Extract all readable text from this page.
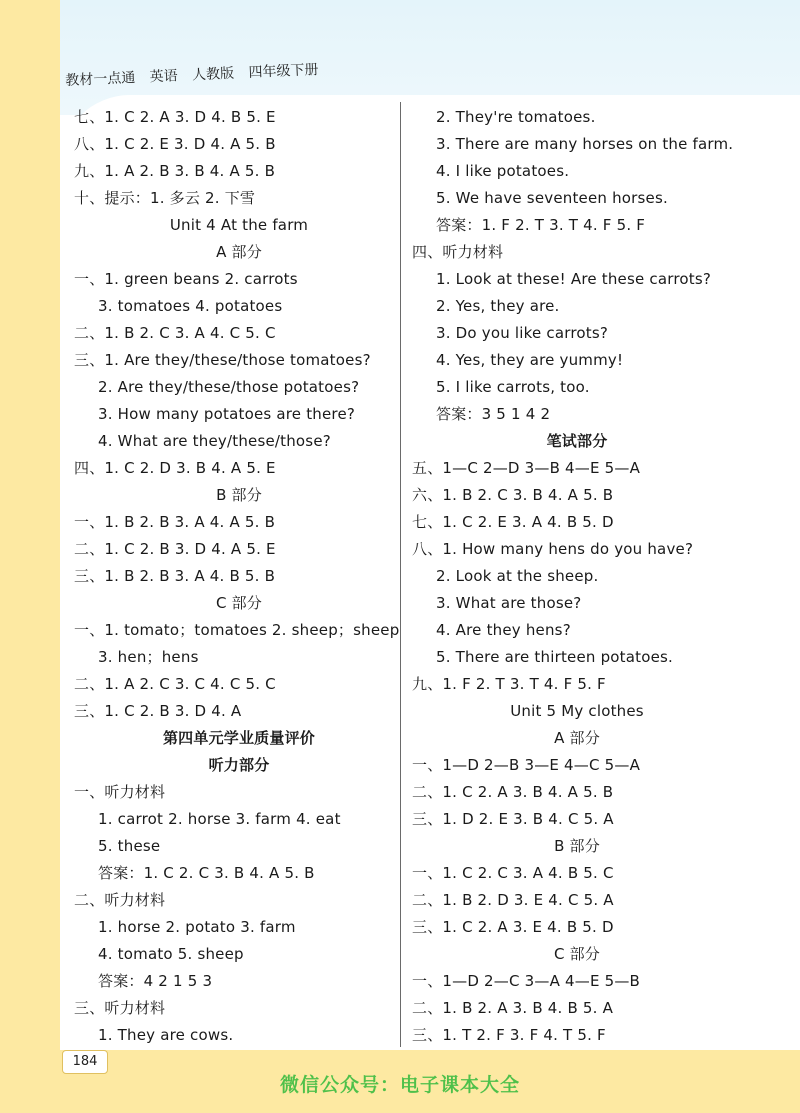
教材一点通 英语 人教版 四年级下册
七、1. C 2. A 3. D 4. B 5. E
八、1. C 2. E 3. D 4. A 5. B
九、1. A 2. B 3. B 4. A 5. B
十、提示：1. 多云 2. 下雪
Unit 4 At the farm
A 部分
一、1. green beans 2. carrots
3. tomatoes 4. potatoes
二、1. B 2. C 3. A 4. C 5. C
三、1. Are they/these/those tomatoes?
2. Are they/these/those potatoes?
3. How many potatoes are there?
4. What are they/these/those?
四、1. C 2. D 3. B 4. A 5. E
B 部分
一、1. B 2. B 3. A 4. A 5. B
二、1. C 2. B 3. D 4. A 5. E
三、1. B 2. B 3. A 4. B 5. B
C 部分
一、1. tomato；tomatoes 2. sheep；sheep
3. hen；hens
二、1. A 2. C 3. C 4. C 5. C
三、1. C 2. B 3. D 4. A
第四单元学业质量评价
听力部分
一、听力材料
1. carrot 2. horse 3. farm 4. eat
5. these
答案：1. C 2. C 3. B 4. A 5. B
二、听力材料
1. horse 2. potato 3. farm
4. tomato 5. sheep
答案：4 2 1 5 3
三、听力材料
1. They are cows.
2. They're tomatoes.
3. There are many horses on the farm.
4. I like potatoes.
5. We have seventeen horses.
答案：1. F 2. T 3. T 4. F 5. F
四、听力材料
1. Look at these! Are these carrots?
2. Yes, they are.
3. Do you like carrots?
4. Yes, they are yummy!
5. I like carrots, too.
答案：3 5 1 4 2
笔试部分
五、1—C 2—D 3—B 4—E 5—A
六、1. B 2. C 3. B 4. A 5. B
七、1. C 2. E 3. A 4. B 5. D
八、1. How many hens do you have?
2. Look at the sheep.
3. What are those?
4. Are they hens?
5. There are thirteen potatoes.
九、1. F 2. T 3. T 4. F 5. F
Unit 5 My clothes
A 部分
一、1—D 2—B 3—E 4—C 5—A
二、1. C 2. A 3. B 4. A 5. B
三、1. D 2. E 3. B 4. C 5. A
B 部分
一、1. C 2. C 3. A 4. B 5. C
二、1. B 2. D 3. E 4. C 5. A
三、1. C 2. A 3. E 4. B 5. D
C 部分
一、1—D 2—C 3—A 4—E 5—B
二、1. B 2. A 3. B 4. B 5. A
三、1. T 2. F 3. F 4. T 5. F
184
微信公众号：电子课本大全
